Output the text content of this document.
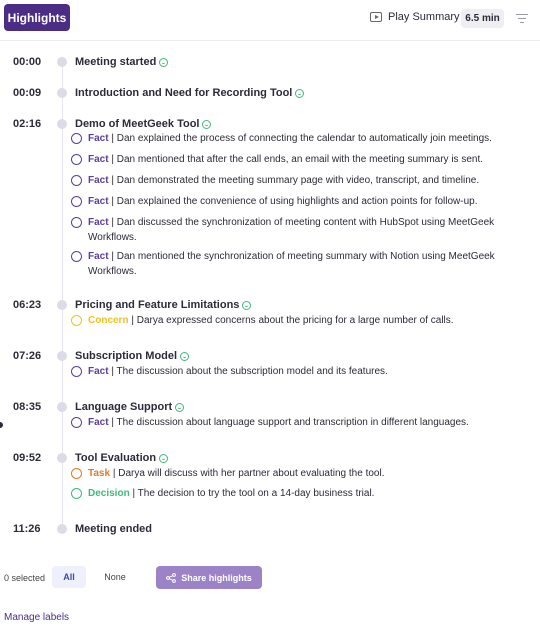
Highlights	Play Summary 6.5 min
00:00	Meeting started
00:09	Introduction and Need for Recording Tool
02:16	Demo of MeetGeek Tool
Fact | Dan explained the process of connecting the calendar to automatically join meetings.
Fact | Dan mentioned that after the call ends, an email with the meeting summary is sent.
Fact | Dan demonstrated the meeting summary page with video, transcript, and timeline.
Fact | Dan explained the convenience of using highlights and action points for follow-up.
Fact | Dan discussed the synchronization of meeting content with HubSpot using MeetGeek Workflows.
Fact | Dan mentioned the synchronization of meeting summary with Notion using MeetGeek Workflows.
06:23	Pricing and Feature Limitations
Concern | Darya expressed concerns about the pricing for a large number of calls.
07:26	Subscription Model
Fact | The discussion about the subscription model and its features.
08:35	Language Support
Fact | The discussion about language support and transcription in different languages.
09:52	Tool Evaluation
Task | Darya will discuss with her partner about evaluating the tool.
Decision | The decision to try the tool on a 14-day business trial.
11:26	Meeting ended
0 selected	All	None	Share highlights
Manage labels
